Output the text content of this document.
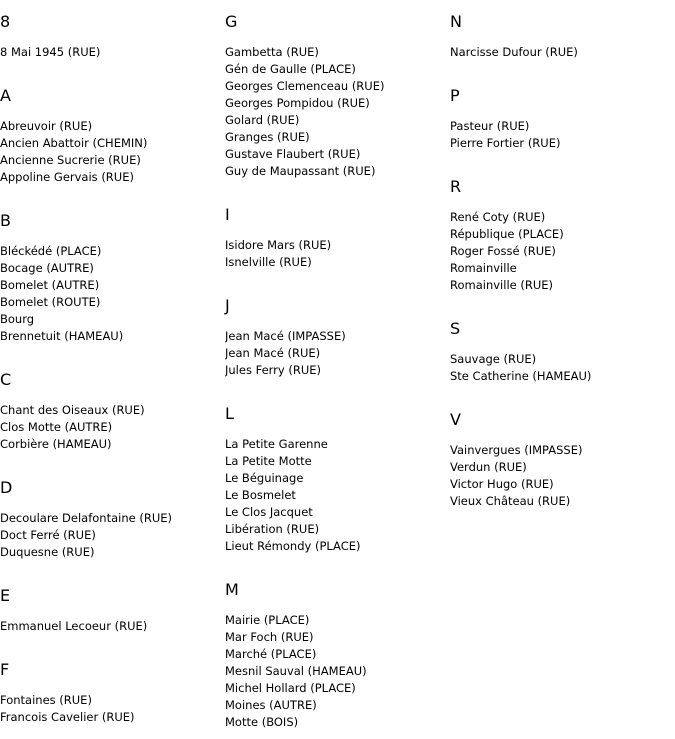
8
8 Mai 1945 (RUE)
A
Abreuvoir (RUE)
Ancien Abattoir (CHEMIN)
Ancienne Sucrerie (RUE)
Appoline Gervais (RUE)
B
Bléckédé (PLACE)
Bocage (AUTRE)
Bomelet (AUTRE)
Bomelet (ROUTE)
Bourg
Brennetuit (HAMEAU)
C
Chant des Oiseaux (RUE)
Clos Motte (AUTRE)
Corbière (HAMEAU)
D
Decoulare Delafontaine (RUE)
Doct Ferré (RUE)
Duquesne (RUE)
E
Emmanuel Lecoeur (RUE)
F
Fontaines (RUE)
Francois Cavelier (RUE)
G
Gambetta (RUE)
Gén de Gaulle (PLACE)
Georges Clemenceau (RUE)
Georges Pompidou (RUE)
Golard (RUE)
Granges (RUE)
Gustave Flaubert (RUE)
Guy de Maupassant (RUE)
I
Isidore Mars (RUE)
Isnelville (RUE)
J
Jean Macé (IMPASSE)
Jean Macé (RUE)
Jules Ferry (RUE)
L
La Petite Garenne
La Petite Motte
Le Béguinage
Le Bosmelet
Le Clos Jacquet
Libération (RUE)
Lieut Rémondy (PLACE)
M
Mairie (PLACE)
Mar Foch (RUE)
Marché (PLACE)
Mesnil Sauval (HAMEAU)
Michel Hollard (PLACE)
Moines (AUTRE)
Motte (BOIS)
N
Narcisse Dufour (RUE)
P
Pasteur (RUE)
Pierre Fortier (RUE)
R
René Coty (RUE)
République (PLACE)
Roger Fossé (RUE)
Romainville
Romainville (RUE)
S
Sauvage (RUE)
Ste Catherine (HAMEAU)
V
Vainvergues (IMPASSE)
Verdun (RUE)
Victor Hugo (RUE)
Vieux Château (RUE)
